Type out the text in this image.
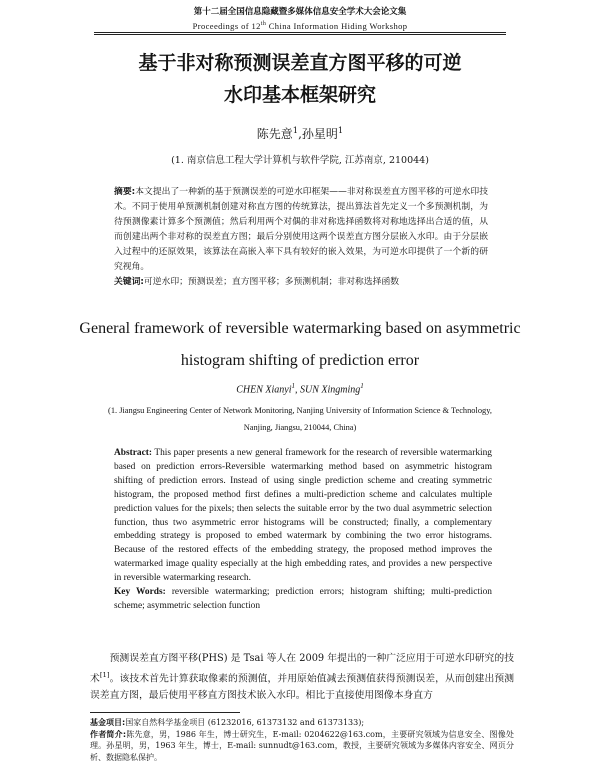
第十二届全国信息隐藏暨多媒体信息安全学术大会论文集
Proceedings of 12th China Information Hiding Workshop
基于非对称预测误差直方图平移的可逆
水印基本框架研究
陈先意$^1$,孙星明$^1$
(1. 南京信息工程大学计算机与软件学院, 江苏南京, 210044)
摘要:本文提出了一种新的基于预测误差的可逆水印框架——非对称误差直方图平移的可逆水印技术。不同于使用单预测机制创建对称直方图的传统算法，提出算法首先定义一个多预测机制，为待预测像素计算多个预测值；然后利用两个对偶的非对称选择函数将对称地选择出合适的值，从而创建出两个非对称的误差直方图；最后分别使用这两个误差直方图分层嵌入水印。由于分层嵌入过程中的还原效果，该算法在高嵌入率下具有较好的嵌入效果，为可逆水印提供了一个新的研究视角。
关键词:可逆水印；预测误差；直方图平移；多预测机制；非对称选择函数
General framework of reversible watermarking based on asymmetric
histogram shifting of prediction error
CHEN Xianyi$^1$, SUN Xingming$^1$
(1. Jiangsu Engineering Center of Network Monitoring, Nanjing University of Information Science & Technology,
Nanjing, Jiangsu, 210044, China)
Abstract: This paper presents a new general framework for the research of reversible watermarking based on prediction errors-Reversible watermarking method based on asymmetric histogram shifting of prediction errors. Instead of using single prediction scheme and creating symmetric histogram, the proposed method first defines a multi-prediction scheme and calculates multiple prediction values for the pixels; then selects the suitable error by the two dual asymmetric selection function, thus two asymmetric error histograms will be constructed; finally, a complementary embedding strategy is proposed to embed watermark by combining the two error histograms. Because of the restored effects of the embedding strategy, the proposed method improves the watermarked image quality especially at the high embedding rates, and provides a new perspective in reversible watermarking research.
Key Words: reversible watermarking; prediction errors; histogram shifting; multi-prediction scheme; asymmetric selection function
预测误差直方图平移(PHS) 是 Tsai 等人在 2009 年提出的一种广泛应用于可逆水印研究的技术[1]。该技术首先计算获取像素的预测值，并用原始值减去预测值获得预测误差，从而创建出预测误差直方图，最后使用平移直方图技术嵌入水印。相比于直接使用图像本身直方
基金项目:国家自然科学基金项目 (61232016, 61373132 and 61373133);
作者简介:陈先意，男，1986 年生，博士研究生，E-mail: 0204622@163.com，主要研究领域为信息安全、图像处理。孙星明，男，1963 年生，博士，E-mail: sunnudt@163.com，教授，主要研究领域为多媒体内容安全、网页分析、数据隐私保护。
